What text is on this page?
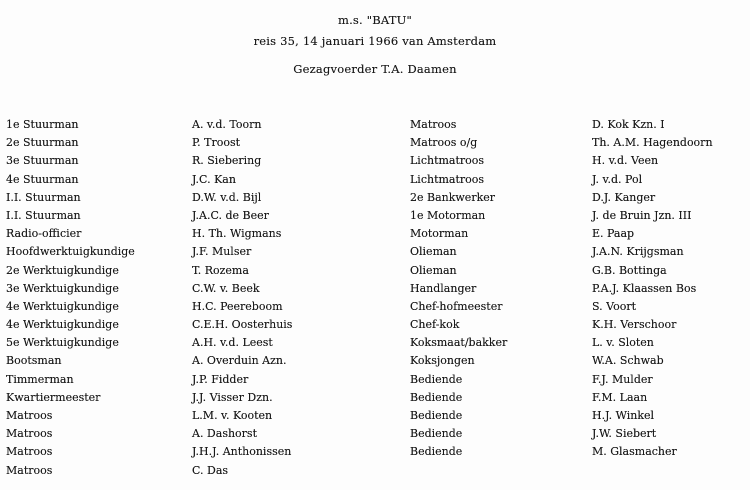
m.s. "BATU"
reis 35, 14 januari 1966 van Amsterdam
Gezagvoerder T.A. Daamen
1e Stuurman
2e Stuurman
3e Stuurman
4e Stuurman
I.I. Stuurman
I.I. Stuurman
Radio-officier
Hoofdwerktuigkundige
2e Werktuigkundige
3e Werktuigkundige
4e Werktuigkundige
4e Werktuigkundige
5e Werktuigkundige
Bootsman
Timmerman
Kwartiermeester
Matroos
Matroos
Matroos
Matroos
A. v.d. Toorn
P. Troost
R. Siebering
J.C. Kan
D.W. v.d. Bijl
J.A.C. de Beer
H. Th. Wigmans
J.F. Mulser
T. Rozema
C.W. v. Beek
H.C. Peereboom
C.E.H. Oosterhuis
A.H. v.d. Leest
A. Overduin Azn.
J.P. Fidder
J.J. Visser Dzn.
L.M. v. Kooten
A. Dashorst
J.H.J. Anthonissen
C. Das
Matroos
Matroos o/g
Lichtmatroos
Lichtmatroos
2e Bankwerker
1e Motorman
Motorman
Olieman
Olieman
Handlanger
Chef-hofmeester
Chef-kok
Koksmaat/bakker
Koksjongen
Bediende
Bediende
Bediende
Bediende
Bediende
D. Kok Kzn. I
Th. A.M. Hagendoorn
H. v.d. Veen
J. v.d. Pol
D.J. Kanger
J. de Bruin Jzn. III
E. Paap
J.A.N. Krijgsman
G.B. Bottinga
P.A.J. Klaassen Bos
S. Voort
K.H. Verschoor
L. v. Sloten
W.A. Schwab
F.J. Mulder
F.M. Laan
H.J. Winkel
J.W. Siebert
M. Glasmacher
